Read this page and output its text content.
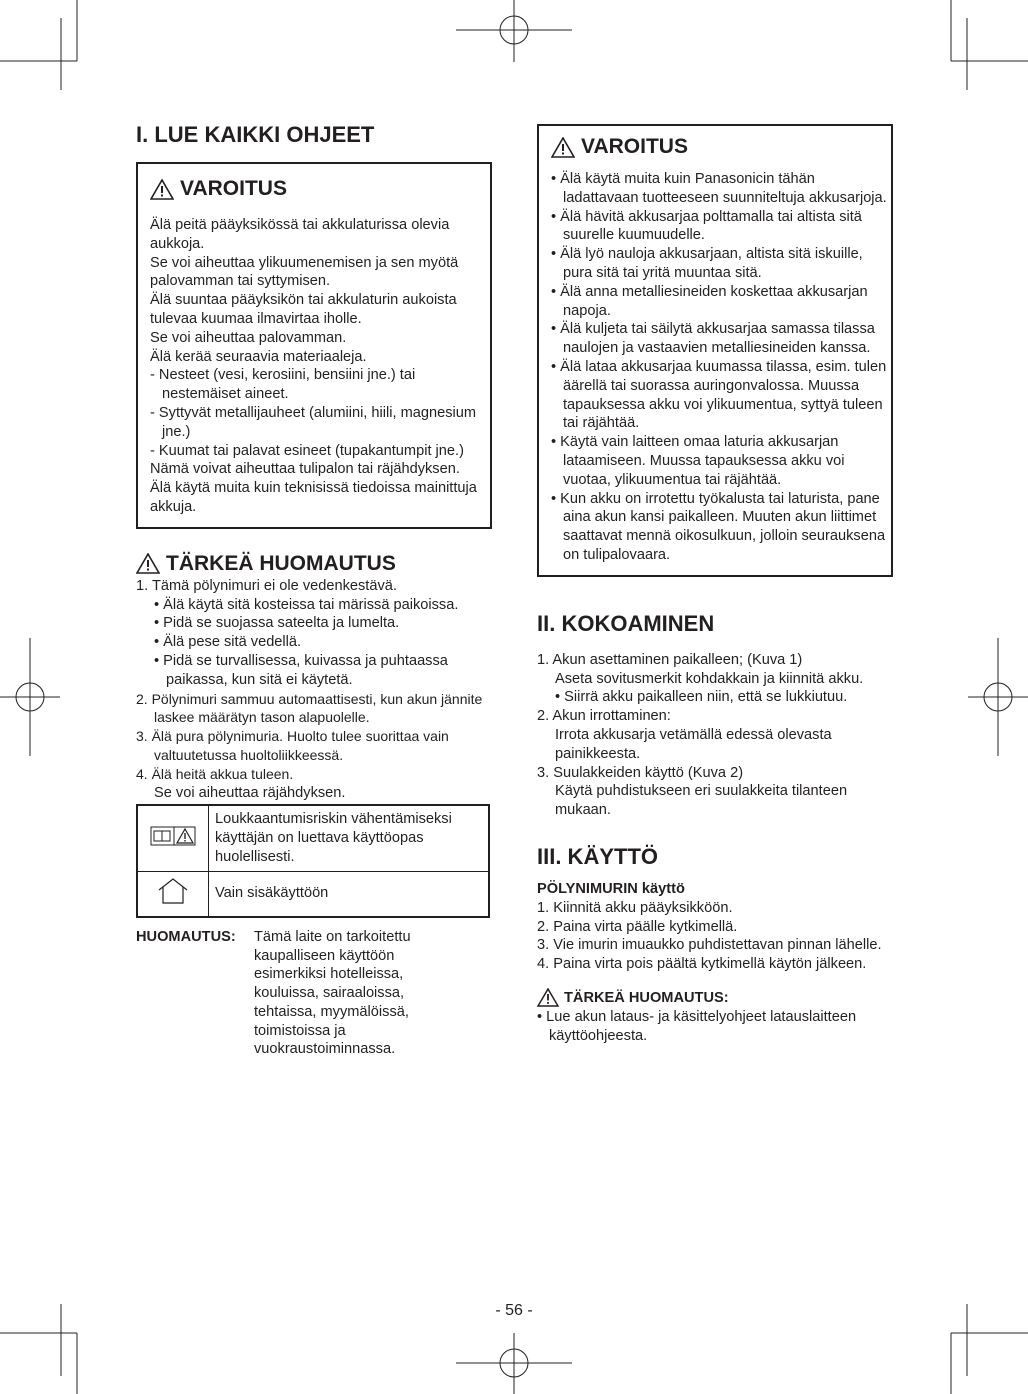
I. LUE KAIKKI OHJEET
VAROITUS

Älä peitä pääyksikössä tai akkulaturissa olevia aukkoja.

Se voi aiheuttaa ylikuumenemisen ja sen myötä palovamman tai syttymisen.

Älä suuntaa pääyksikön tai akkulaturin aukoista tulevaa kuumaa ilmavirtaa iholle.

Se voi aiheuttaa palovamman.

Älä kerää seuraavia materiaaleja.

- Nesteet (vesi, kerosiini, bensiini jne.) tai nestemäiset aineet.

- Syttyvät metallijauheet (alumiini, hiili, magnesium jne.)

- Kuumat tai palavat esineet (tupakantumpit jne.)

Nämä voivat aiheuttaa tulipalon tai räjähdyksen.

Älä käytä muita kuin teknisissä tiedoissa mainittuja akkuja.

TÄRKEÄ HUOMAUTUS

1. Tämä pölynimuri ei ole vedenkestävä.

• Älä käytä sitä kosteissa tai märissä paikoissa.

• Pidä se suojassa sateelta ja lumelta.

• Älä pese sitä vedellä.

• Pidä se turvallisessa, kuivassa ja puhtaassa paikassa, kun sitä ei käytetä.

2. Pölynimuri sammuu automaattisesti, kun akun jännite laskee määrätyn tason alapuolelle.

3. Älä pura pölynimuria. Huolto tulee suorittaa vain valtuutetussa huoltoliikkeessä.

4. Älä heitä akkua tuleen.

Se voi aiheuttaa räjähdyksen.

	Loukkaantumisriskin vähentämiseksi käyttäjän on luettava käyttöopas huolellisesti.
	Vain sisäkäyttöön
HUOMAUTUS:	Tämä laite on tarkoitettu kaupalliseen käyttöön esimerkiksi hotelleissa, kouluissa, sairaaloissa, tehtaissa, myymälöissä, toimistoissa ja vuokraustoiminnassa.
VAROITUS

• Älä käytä muita kuin Panasonicin tähän ladattavaan tuotteeseen suunniteltuja akkusarjoja.

• Älä hävitä akkusarjaa polttamalla tai altista sitä suurelle kuumuudelle.

• Älä lyö nauloja akkusarjaan, altista sitä iskuille, pura sitä tai yritä muuntaa sitä.

• Älä anna metalliesineiden koskettaa akkusarjan napoja.

• Älä kuljeta tai säilytä akkusarjaa samassa tilassa naulojen ja vastaavien metalliesineiden kanssa.

• Älä lataa akkusarjaa kuumassa tilassa, esim. tulen äärellä tai suorassa auringonvalossa. Muussa tapauksessa akku voi ylikuumentua, syttyä tuleen tai räjähtää.

• Käytä vain laitteen omaa laturia akkusarjan lataamiseen. Muussa tapauksessa akku voi vuotaa, ylikuumentua tai räjähtää.

• Kun akku on irrotettu työkalusta tai laturista, pane aina akun kansi paikalleen. Muuten akun liittimet saattavat mennä oikosulkuun, jolloin seurauksena on tulipalovaara.

II. KOKOAMINEN

1. Akun asettaminen paikalleen; (Kuva 1)

Aseta sovitusmerkit kohdakkain ja kiinnitä akku.

• Siirrä akku paikalleen niin, että se lukkiutuu.

2. Akun irrottaminen:

Irrota akkusarja vetämällä edessä olevasta painikkeesta.

3. Suulakkeiden käyttö (Kuva 2)

Käytä puhdistukseen eri suulakkeita tilanteen mukaan.

III. KÄYTTÖ
PÖLYNIMURIN käyttö

1. Kiinnitä akku pääyksikköön.

2. Paina virta päälle kytkimellä.

3. Vie imurin imuaukko puhdistettavan pinnan lähelle.

4. Paina virta pois päältä kytkimellä käytön jälkeen.

TÄRKEÄ HUOMAUTUS:

• Lue akun lataus- ja käsittelyohjeet latauslaitteen käyttöohjeesta.

- 56 -
